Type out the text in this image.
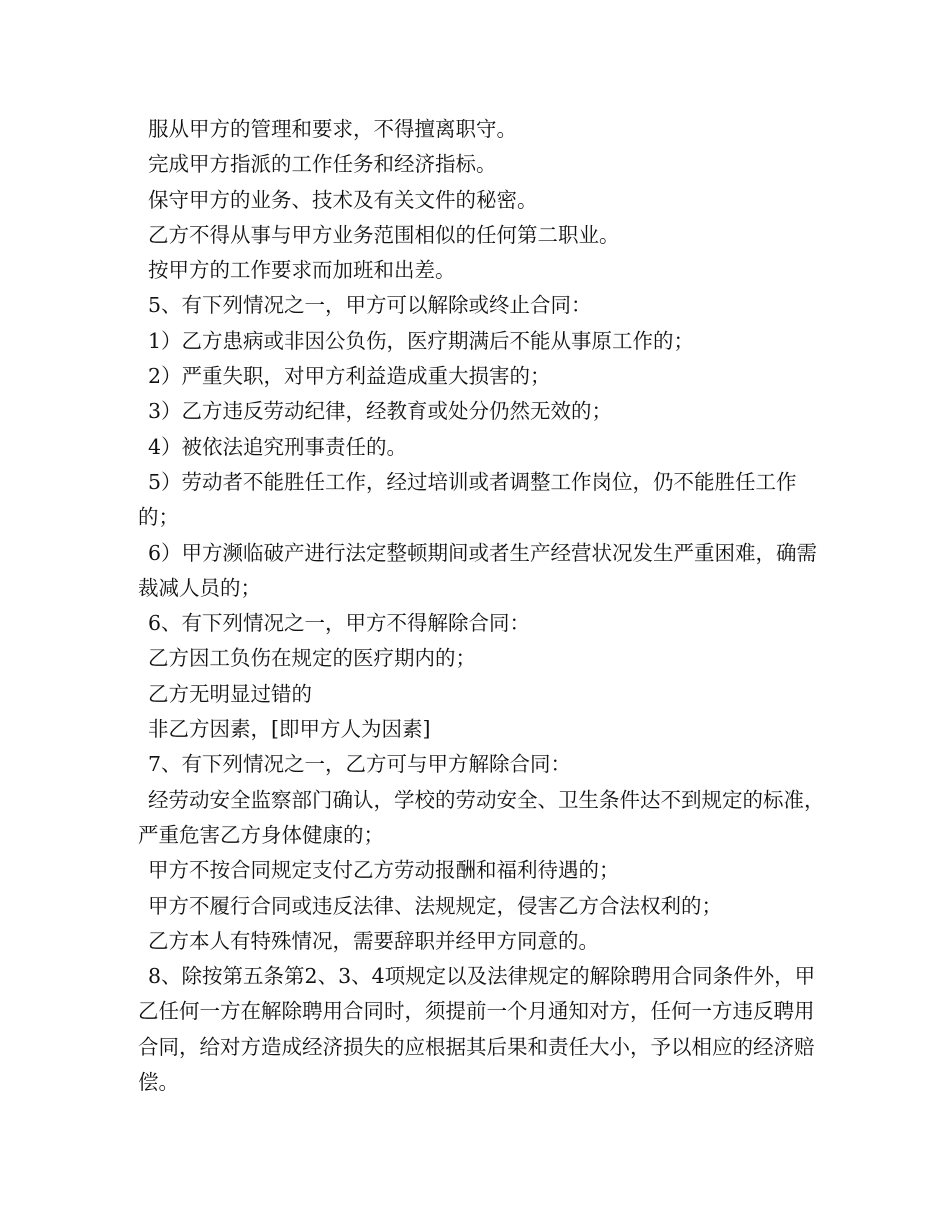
服从甲方的管理和要求，不得擅离职守。

完成甲方指派的工作任务和经济指标。

保守甲方的业务、技术及有关文件的秘密。

乙方不得从事与甲方业务范围相似的任何第二职业。

按甲方的工作要求而加班和出差。

5、有下列情况之一，甲方可以解除或终止合同：

1）乙方患病或非因公负伤，医疗期满后不能从事原工作的；

2）严重失职，对甲方利益造成重大损害的；

3）乙方违反劳动纪律，经教育或处分仍然无效的；

4）被依法追究刑事责任的。

5）劳动者不能胜任工作，经过培训或者调整工作岗位，仍不能胜任工作的；

6）甲方濒临破产进行法定整顿期间或者生产经营状况发生严重困难，确需裁减人员的；

6、有下列情况之一，甲方不得解除合同：

乙方因工负伤在规定的医疗期内的；

乙方无明显过错的

非乙方因素，[即甲方人为因素]

7、有下列情况之一，乙方可与甲方解除合同：

经劳动安全监察部门确认，学校的劳动安全、卫生条件达不到规定的标准，严重危害乙方身体健康的；

甲方不按合同规定支付乙方劳动报酬和福利待遇的；

甲方不履行合同或违反法律、法规规定，侵害乙方合法权利的；

乙方本人有特殊情况，需要辞职并经甲方同意的。

8、除按第五条第2、3、4项规定以及法律规定的解除聘用合同条件外，甲乙任何一方在解除聘用合同时，须提前一个月通知对方，任何一方违反聘用合同，给对方造成经济损失的应根据其后果和责任大小，予以相应的经济赔偿。
